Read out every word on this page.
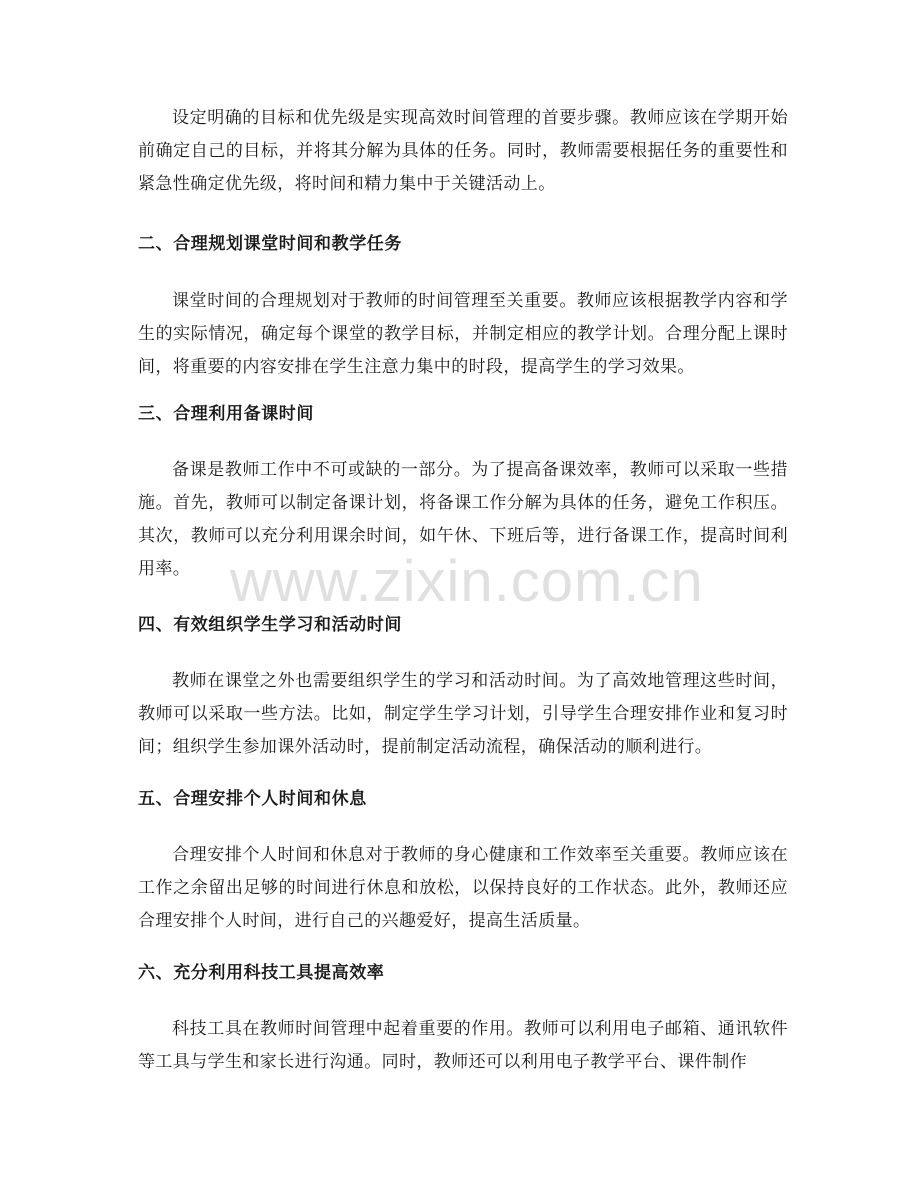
设定明确的目标和优先级是实现高效时间管理的首要步骤。教师应该在学期开始前确定自己的目标，并将其分解为具体的任务。同时，教师需要根据任务的重要性和紧急性确定优先级，将时间和精力集中于关键活动上。

二、合理规划课堂时间和教学任务

课堂时间的合理规划对于教师的时间管理至关重要。教师应该根据教学内容和学生的实际情况，确定每个课堂的教学目标，并制定相应的教学计划。合理分配上课时间，将重要的内容安排在学生注意力集中的时段，提高学生的学习效果。

三、合理利用备课时间

备课是教师工作中不可或缺的一部分。为了提高备课效率，教师可以采取一些措施。首先，教师可以制定备课计划，将备课工作分解为具体的任务，避免工作积压。其次，教师可以充分利用课余时间，如午休、下班后等，进行备课工作，提高时间利用率。

四、有效组织学生学习和活动时间

教师在课堂之外也需要组织学生的学习和活动时间。为了高效地管理这些时间，教师可以采取一些方法。比如，制定学生学习计划，引导学生合理安排作业和复习时间；组织学生参加课外活动时，提前制定活动流程，确保活动的顺利进行。

五、合理安排个人时间和休息

合理安排个人时间和休息对于教师的身心健康和工作效率至关重要。教师应该在工作之余留出足够的时间进行休息和放松，以保持良好的工作状态。此外，教师还应合理安排个人时间，进行自己的兴趣爱好，提高生活质量。

六、充分利用科技工具提高效率

科技工具在教师时间管理中起着重要的作用。教师可以利用电子邮箱、通讯软件等工具与学生和家长进行沟通。同时，教师还可以利用电子教学平台、课件制作

www.zixin.com.cn
